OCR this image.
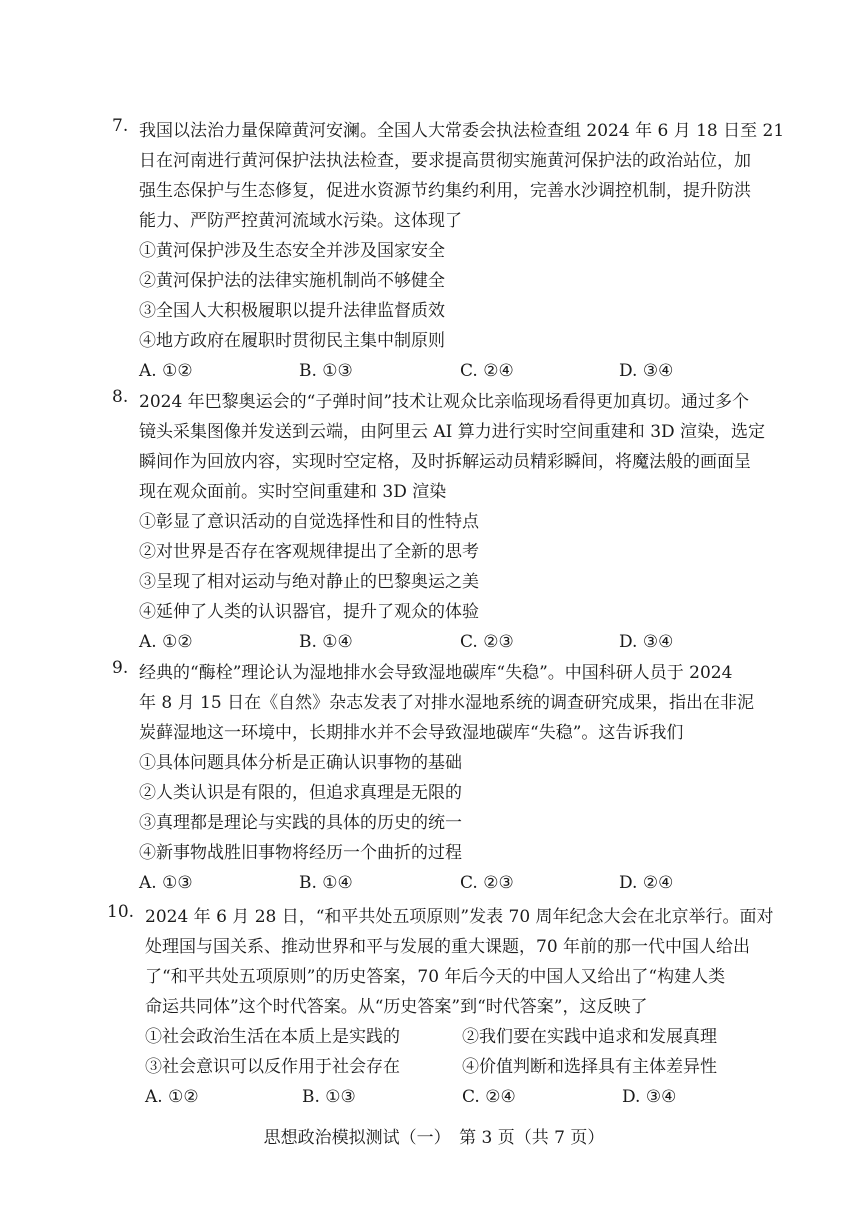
7. 我国以法治力量保障黄河安澜。全国人大常委会执法检查组 2024 年 6 月 18 日至 21
日在河南进行黄河保护法执法检查，要求提高贯彻实施黄河保护法的政治站位，加
强生态保护与生态修复，促进水资源节约集约利用，完善水沙调控机制，提升防洪
能力、严防严控黄河流域水污染。这体现了
①黄河保护涉及生态安全并涉及国家安全
②黄河保护法的法律实施机制尚不够健全
③全国人大积极履职以提升法律监督质效
④地方政府在履职时贯彻民主集中制原则
A. ①②	B. ①③	C. ②④	D. ③④
8. 2024 年巴黎奥运会的“子弹时间”技术让观众比亲临现场看得更加真切。通过多个
镜头采集图像并发送到云端，由阿里云 AI 算力进行实时空间重建和 3D 渲染，选定
瞬间作为回放内容，实现时空定格，及时拆解运动员精彩瞬间，将魔法般的画面呈
现在观众面前。实时空间重建和 3D 渲染
①彰显了意识活动的自觉选择性和目的性特点
②对世界是否存在客观规律提出了全新的思考
③呈现了相对运动与绝对静止的巴黎奥运之美
④延伸了人类的认识器官，提升了观众的体验
A. ①②	B. ①④	C. ②③	D. ③④
9. 经典的“酶栓”理论认为湿地排水会导致湿地碳库“失稳”。中国科研人员于 2024
年 8 月 15 日在《自然》杂志发表了对排水湿地系统的调查研究成果，指出在非泥
炭藓湿地这一环境中，长期排水并不会导致湿地碳库“失稳”。这告诉我们
①具体问题具体分析是正确认识事物的基础
②人类认识是有限的，但追求真理是无限的
③真理都是理论与实践的具体的历史的统一
④新事物战胜旧事物将经历一个曲折的过程
A. ①③	B. ①④	C. ②③	D. ②④
10. 2024 年 6 月 28 日，“和平共处五项原则”发表 70 周年纪念大会在北京举行。面对
处理国与国关系、推动世界和平与发展的重大课题，70 年前的那一代中国人给出
了“和平共处五项原则”的历史答案，70 年后今天的中国人又给出了“构建人类
命运共同体”这个时代答案。从“历史答案”到“时代答案”，这反映了
①社会政治生活在本质上是实践的	②我们要在实践中追求和发展真理
③社会意识可以反作用于社会存在	④价值判断和选择具有主体差异性
A. ①②	B. ①③	C. ②④	D. ③④
思想政治模拟测试（一）　第 3 页（共 7 页）
